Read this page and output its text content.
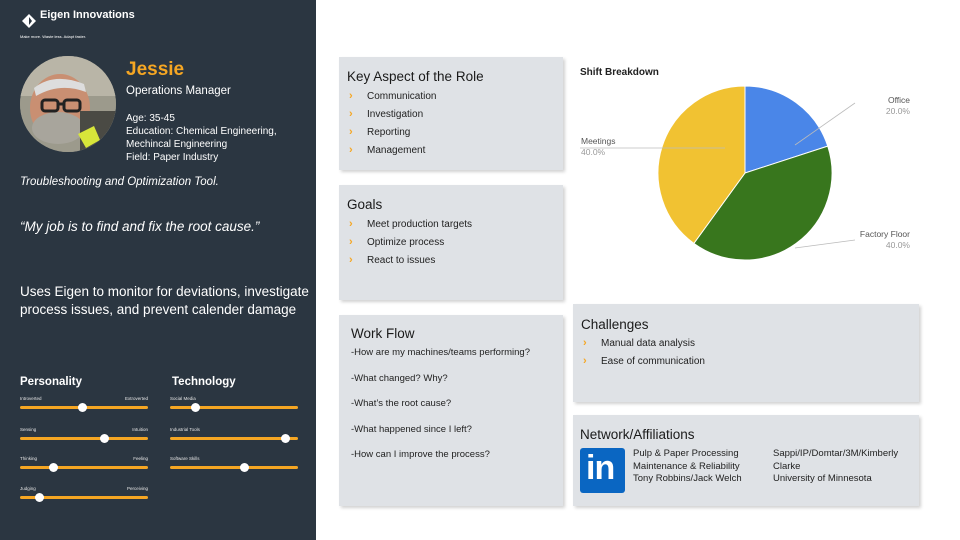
Eigen Innovations
Make more. Waste less. Adapt faster.
Jessie
Operations Manager
Age: 35-45
Education: Chemical Engineering,
Mechincal Engineering
Field: Paper Industry
Troubleshooting and Optimization Tool.
“My job is to find and fix the root cause.”
Uses Eigen to monitor for deviations, investigate process issues, and prevent calender damage
Personality	Technology
Introverted	Extroverted
Sensing	Intuition
Thinking	Feeling
Judging	Perceiving
Social Media
Industrial Tools
Software Skills
Key Aspect of the Role
›	Communication
›	Investigation
›	Reporting
›	Management
Goals
›	Meet production targets
›	Optimize process
›	React to issues
Work Flow
-How are my machines/teams performing?
-What changed? Why?
-What’s the root cause?
-What happened since I left?
-How can I improve the process?
Shift Breakdown
Office
20.0%
Factory Floor
40.0%
Meetings
40.0%
Challenges
›	Manual data analysis
›	Ease of communication
Network/Affiliations
in Pulp & Paper Processing
Maintenance & Reliability
Tony Robbins/Jack Welch
Sappi/IP/Domtar/3M/Kimberly
Clarke
University of Minnesota
